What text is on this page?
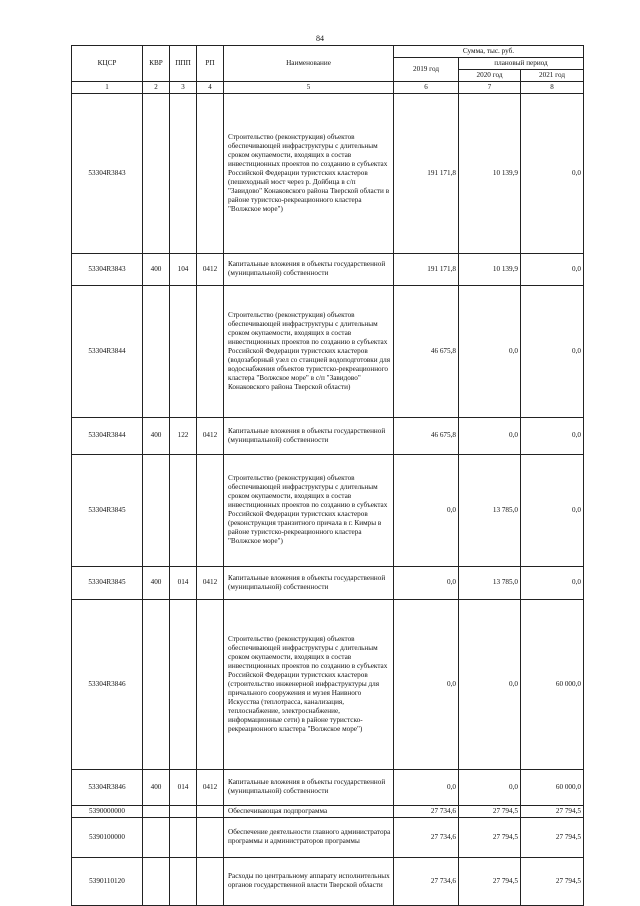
84
КЦСР	КВР	ППП	РП	Наименование	Сумма, тыс. руб.		
					2019 год	плановый период	
						2020 год	2021 год
1	2	3	4	5	6	7	8
53304R3843				Строительство (реконструкция) объектов обеспечивающей инфраструктуры с длительным сроком окупаемости, входящих в состав инвестиционных проектов по созданию в субъектах Российской Федерации туристских кластеров (пешеходный мост через р. Дойбица в с/п "Завидово" Конаковского района Тверской области в районе туристско-рекреационного кластера "Волжское море")	191 171,8	10 139,9	0,0
53304R3843	400	104	0412	Капитальные вложения в объекты государственной (муниципальной) собственности	191 171,8	10 139,9	0,0
53304R3844				Строительство (реконструкция) объектов обеспечивающей инфраструктуры с длительным сроком окупаемости, входящих в состав инвестиционных проектов по созданию в субъектах Российской Федерации туристских кластеров (водозаборный узел со станцией водоподготовки для водоснабжения объектов туристско-рекреационного кластера "Волжское море" в с/п "Завидово" Конаковского района Тверской области)	46 675,8	0,0	0,0
53304R3844	400	122	0412	Капитальные вложения в объекты государственной (муниципальной) собственности	46 675,8	0,0	0,0
53304R3845				Строительство (реконструкция) объектов обеспечивающей инфраструктуры с длительным сроком окупаемости, входящих в состав инвестиционных проектов по созданию в субъектах Российской Федерации туристских кластеров (реконструкция транзитного причала в г. Кимры в районе туристско-рекреационного кластера "Волжское море")	0,0	13 785,0	0,0
53304R3845	400	014	0412	Капитальные вложения в объекты государственной (муниципальной) собственности	0,0	13 785,0	0,0
53304R3846				Строительство (реконструкция) объектов обеспечивающей инфраструктуры с длительным сроком окупаемости, входящих в состав инвестиционных проектов по созданию в субъектах Российской Федерации туристских кластеров (строительство инженерной инфраструктуры для причального сооружения и музея Наивного Искусства (теплотрасса, канализация, теплоснабжение, электроснабжение, информационные сети) в районе туристско-рекреационного кластера "Волжское море")	0,0	0,0	60 000,0
53304R3846	400	014	0412	Капитальные вложения в объекты государственной (муниципальной) собственности	0,0	0,0	60 000,0
5390000000				Обеспечивающая подпрограмма	27 734,6	27 794,5	27 794,5
5390100000				Обеспечение деятельности главного администратора программы и администраторов программы	27 734,6	27 794,5	27 794,5
5390110120				Расходы по центральному аппарату исполнительных органов государственной власти Тверской области	27 734,6	27 794,5	27 794,5
